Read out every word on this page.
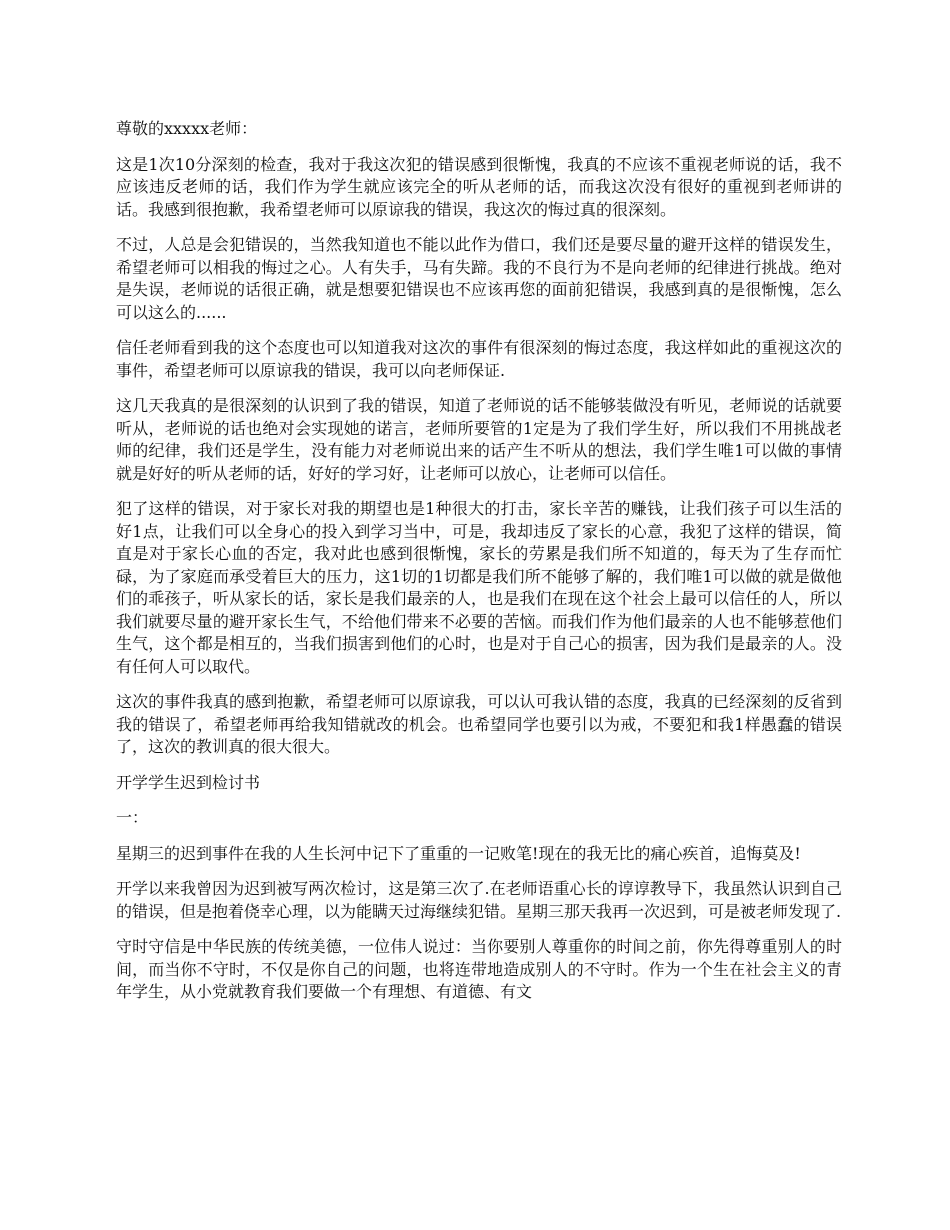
尊敬的xxxxx老师：

这是1次10分深刻的检查，我对于我这次犯的错误感到很惭愧，我真的不应该不重视老师说的话，我不应该违反老师的话，我们作为学生就应该完全的听从老师的话，而我这次没有很好的重视到老师讲的话。我感到很抱歉，我希望老师可以原谅我的错误，我这次的悔过真的很深刻。

不过，人总是会犯错误的，当然我知道也不能以此作为借口，我们还是要尽量的避开这样的错误发生，希望老师可以相我的悔过之心。人有失手，马有失蹄。我的不良行为不是向老师的纪律进行挑战。绝对是失误，老师说的话很正确，就是想要犯错误也不应该再您的面前犯错误，我感到真的是很惭愧，怎么可以这么的......

信任老师看到我的这个态度也可以知道我对这次的事件有很深刻的悔过态度，我这样如此的重视这次的事件，希望老师可以原谅我的错误，我可以向老师保证.

这几天我真的是很深刻的认识到了我的错误，知道了老师说的话不能够装做没有听见，老师说的话就要听从，老师说的话也绝对会实现她的诺言，老师所要管的1定是为了我们学生好，所以我们不用挑战老师的纪律，我们还是学生，没有能力对老师说出来的话产生不听从的想法，我们学生唯1可以做的事情就是好好的听从老师的话，好好的学习好，让老师可以放心，让老师可以信任。

犯了这样的错误，对于家长对我的期望也是1种很大的打击，家长辛苦的赚钱，让我们孩子可以生活的好1点，让我们可以全身心的投入到学习当中，可是，我却违反了家长的心意，我犯了这样的错误，简直是对于家长心血的否定，我对此也感到很惭愧，家长的劳累是我们所不知道的，每天为了生存而忙碌，为了家庭而承受着巨大的压力，这1切的1切都是我们所不能够了解的，我们唯1可以做的就是做他们的乖孩子，听从家长的话，家长是我们最亲的人，也是我们在现在这个社会上最可以信任的人，所以我们就要尽量的避开家长生气，不给他们带来不必要的苦恼。而我们作为他们最亲的人也不能够惹他们生气，这个都是相互的，当我们损害到他们的心时，也是对于自己心的损害，因为我们是最亲的人。没有任何人可以取代。

这次的事件我真的感到抱歉，希望老师可以原谅我，可以认可我认错的态度，我真的已经深刻的反省到我的错误了，希望老师再给我知错就改的机会。也希望同学也要引以为戒，不要犯和我1样愚蠢的错误了，这次的教训真的很大很大。

开学学生迟到检讨书

一：

星期三的迟到事件在我的人生长河中记下了重重的一记败笔!现在的我无比的痛心疾首，追悔莫及!

开学以来我曾因为迟到被写两次检讨，这是第三次了.在老师语重心长的谆谆教导下，我虽然认识到自己的错误，但是抱着侥幸心理，以为能瞒天过海继续犯错。星期三那天我再一次迟到，可是被老师发现了.

守时守信是中华民族的传统美德，一位伟人说过：当你要别人尊重你的时间之前，你先得尊重别人的时间，而当你不守时，不仅是你自己的问题，也将连带地造成别人的不守时。作为一个生在社会主义的青年学生，从小党就教育我们要做一个有理想、有道德、有文
